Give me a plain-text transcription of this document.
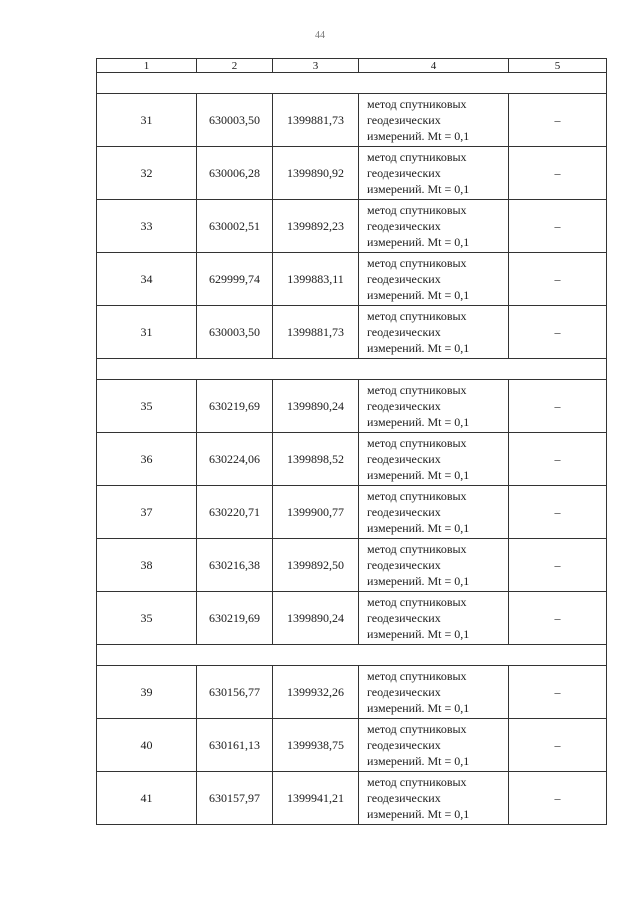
44
1	2	3	4	5

31	630003,50	1399881,73	метод спутниковых
геодезических
измерений. Mt = 0,1	–
32	630006,28	1399890,92	метод спутниковых
геодезических
измерений. Mt = 0,1	–
33	630002,51	1399892,23	метод спутниковых
геодезических
измерений. Mt = 0,1	–
34	629999,74	1399883,11	метод спутниковых
геодезических
измерений. Mt = 0,1	–
31	630003,50	1399881,73	метод спутниковых
геодезических
измерений. Mt = 0,1	–

35	630219,69	1399890,24	метод спутниковых
геодезических
измерений. Mt = 0,1	–
36	630224,06	1399898,52	метод спутниковых
геодезических
измерений. Mt = 0,1	–
37	630220,71	1399900,77	метод спутниковых
геодезических
измерений. Mt = 0,1	–
38	630216,38	1399892,50	метод спутниковых
геодезических
измерений. Mt = 0,1	–
35	630219,69	1399890,24	метод спутниковых
геодезических
измерений. Mt = 0,1	–

39	630156,77	1399932,26	метод спутниковых
геодезических
измерений. Mt = 0,1	–
40	630161,13	1399938,75	метод спутниковых
геодезических
измерений. Mt = 0,1	–
41	630157,97	1399941,21	метод спутниковых
геодезических
измерений. Mt = 0,1	–
